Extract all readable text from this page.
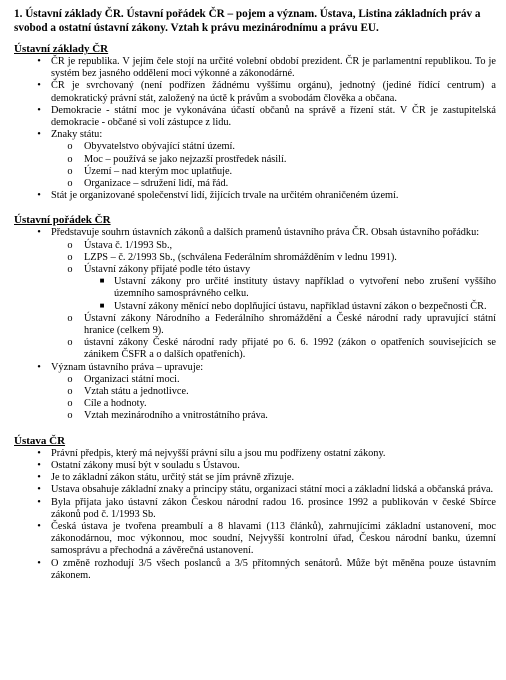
1. Ústavní základy ČR. Ústavní pořádek ČR – pojem a význam. Ústava, Listina základních práv a svobod a ostatní ústavní zákony. Vztah k právu mezinárodnímu a právu EU.

Ústavní základy ČR

• ČR je republika. V jejím čele stojí na určité volební období prezident. ČR je parlamentní republikou. To je systém bez jasného oddělení moci výkonné a zákonodárné.
• ČR je svrchovaný (není podřízen žádnému vyššímu orgánu), jednotný (jediné řídící centrum) a demokratický právní stát, založený na úctě k právům a svobodám člověka a občana.
• Demokracie - státní moc je vykonávána účastí občanů na správě a řízení stát. V ČR je zastupitelská demokracie - občané si volí zástupce z lidu.
• Znaky státu:
o Obyvatelstvo obývající státní území.
o Moc – používá se jako nejzazší prostředek násilí.
o Území – nad kterým moc uplatňuje.
o Organizace – sdružení lidí, má řád.
• Stát je organizované společenství lidí, žijících trvale na určitém ohraničeném území.

Ústavní pořádek ČR

• Představuje souhrn ústavních zákonů a dalších pramenů ústavního práva ČR. Obsah ústavního pořádku:
o Ústava č. 1/1993 Sb.,
o LZPS – č. 2/1993 Sb., (schválena Federálním shromážděním v lednu 1991).
o Ústavní zákony přijaté podle této ústavy
■ Ustavní zákony pro určité instituty ústavy například o vytvoření nebo zrušení vyššího územního samosprávného celku.
■ Ustavní zákony měnící nebo doplňující ústavu, například ústavní zákon o bezpečnosti ČR.
o Ústavní zákony Národního a Federálního shromáždění a České národní rady upravující státní hranice (celkem 9).
o ústavní zákony České národní rady přijaté po 6. 6. 1992 (zákon o opatřeních souvisejících se zánikem ČSFR a o dalších opatřeních).
• Význam ústavního práva – upravuje:
o Organizaci státní moci.
o Vztah státu a jednotlivce.
o Cíle a hodnoty.
o Vztah mezinárodního a vnitrostátního práva.

Ústava ČR

• Právní předpis, který má nejvyšší právní sílu a jsou mu podřízeny ostatní zákony.
• Ostatní zákony musí být v souladu s Ústavou.
• Je to základní zákon státu, určitý stát se jím právně zřizuje.
• Ustava obsahuje základní znaky a principy státu, organizaci státní moci a základní lidská a občanská práva.
• Byla přijata jako ústavní zákon Českou národní radou 16. prosince 1992 a publikován v české Sbírce zákonů pod č. 1/1993 Sb.
• Česká ústava je tvořena preambulí a 8 hlavami (113 článků), zahrnujícími základní ustanovení, moc zákonodárnou, moc výkonnou, moc soudní, Nejvyšší kontrolní úřad, Českou národní banku, územní samosprávu a přechodná a závěrečná ustanovení.
• O změně rozhodují 3/5 všech poslanců a 3/5 přítomných senátorů. Může být měněna pouze ústavním zákonem.
